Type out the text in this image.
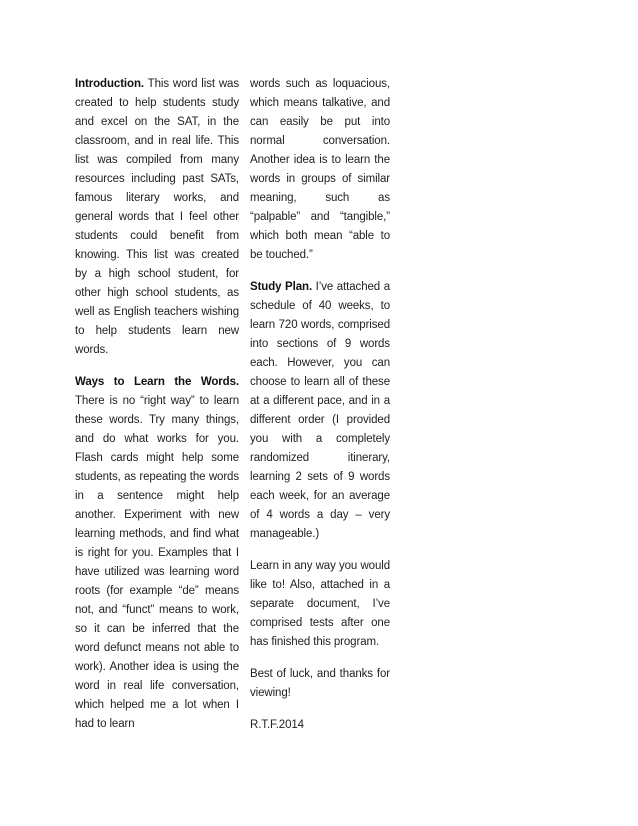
Introduction. This word list was created to help students study and excel on the SAT, in the classroom, and in real life. This list was compiled from many resources including past SATs, famous literary works, and general words that I feel other students could benefit from knowing. This list was created by a high school student, for other high school students, as well as English teachers wishing to help students learn new words.

Ways to Learn the Words. There is no “right way” to learn these words. Try many things, and do what works for you. Flash cards might help some students, as repeating the words in a sentence might help another. Experiment with new learning methods, and find what is right for you. Examples that I have utilized was learning word roots (for example “de” means not, and “funct” means to work, so it can be inferred that the word defunct means not able to work). Another idea is using the word in real life conversation, which helped me a lot when I had to learn

words such as loquacious, which means talkative, and can easily be put into normal conversation. Another idea is to learn the words in groups of similar meaning, such as “palpable” and “tangible,” which both mean “able to be touched.”

Study Plan. I’ve attached a schedule of 40 weeks, to learn 720 words, comprised into sections of 9 words each. However, you can choose to learn all of these at a different pace, and in a different order (I provided you with a completely randomized itinerary, learning 2 sets of 9 words each week, for an average of 4 words a day – very manageable.)

Learn in any way you would like to! Also, attached in a separate document, I’ve comprised tests after one has finished this program.

Best of luck, and thanks for viewing!

R.T.F.2014
